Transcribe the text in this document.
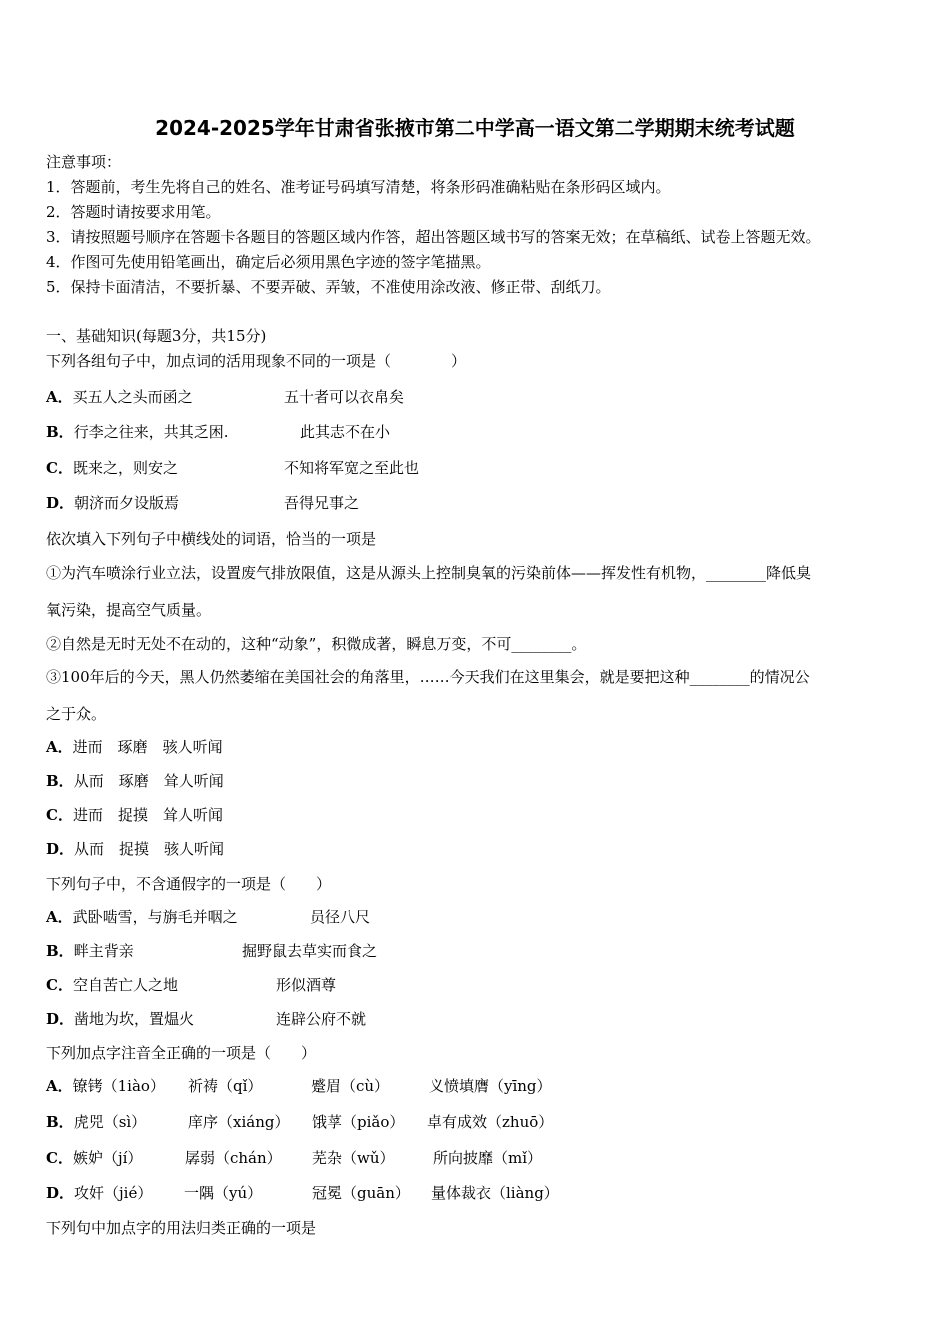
2024-2025学年甘肃省张掖市第二中学高一语文第二学期期末统考试题
注意事项：
1．答题前，考生先将自己的姓名、准考证号码填写清楚，将条形码准确粘贴在条形码区域内。
2．答题时请按要求用笔。
3．请按照题号顺序在答题卡各题目的答题区域内作答，超出答题区域书写的答案无效；在草稿纸、试卷上答题无效。
4．作图可先使用铅笔画出，确定后必须用黑色字迹的签字笔描黑。
5．保持卡面清洁，不要折暴、不要弄破、弄皱，不准使用涂改液、修正带、刮纸刀。
一、基础知识(每题3分，共15分)
下列各组句子中，加点词的活用现象不同的一项是（　　　　）
A．买五人之头而函之	五十者可以衣帛矣
B．行李之往来，共其乏困.	此其志不在小
C．既来之，则安之	不知将军宽之至此也
D．朝济而夕设版焉	吾得兄事之
依次填入下列句子中横线处的词语，恰当的一项是
①为汽车喷涂行业立法，设置废气排放限值，这是从源头上控制臭氧的污染前体——挥发性有机物，________降低臭
氧污染，提高空气质量。
②自然是无时无处不在动的，这种“动象”，积微成著，瞬息万变，不可________。
③100年后的今天，黑人仍然萎缩在美国社会的角落里，……今天我们在这里集会，就是要把这种________的情况公
之于众。
A．进而　琢磨　骇人听闻
B．从而　琢磨　耸人听闻
C．进而　捉摸　耸人听闻
D．从而　捉摸　骇人听闻
下列句子中，不含通假字的一项是（　　）
A．武卧啮雪，与旃毛并咽之	员径八尺
B．畔主背亲	掘野鼠去草实而食之
C．空自苦亡人之地	形似酒尊
D．凿地为坎，置煴火	连辟公府不就
下列加点字注音全正确的一项是（　　）
A．镣铐（1iào） 祈祷（qǐ）	蹙眉（cù）	义愤填膺（yīng）
B．虎兕（sì）	庠序（xiáng） 饿莩（piǎo） 卓有成效（zhuō）
C．嫉妒（jí）	孱弱（chán） 芜杂（wǔ）	所向披靡（mǐ）
D．攻奸（jié） 一隅（yú）	冠冕（guān） 量体裁衣（liàng）
下列句中加点字的用法归类正确的一项是
